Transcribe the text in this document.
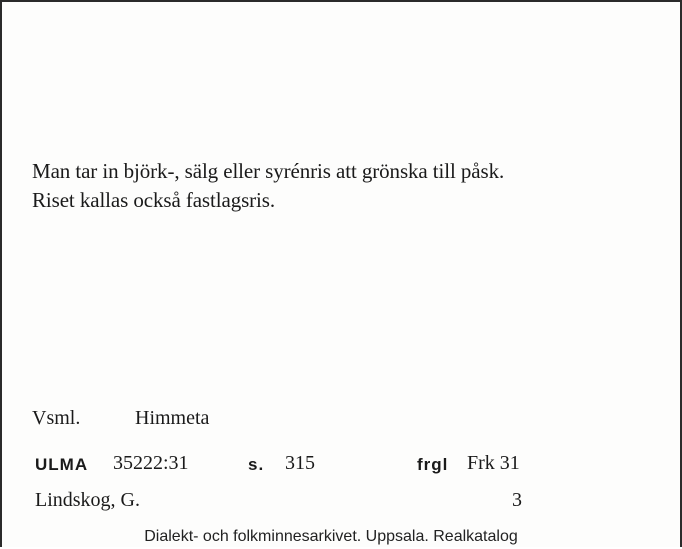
Man tar in björk-, sälg eller syrénris att grönska till påsk.
Riset kallas också fastlagsris.
Vsml.	Himmeta
ULMA 35222:31	s. 315	frgl Frk 31
Lindskog, G.	3
Dialekt- och folkminnesarkivet. Uppsala. Realkatalog
